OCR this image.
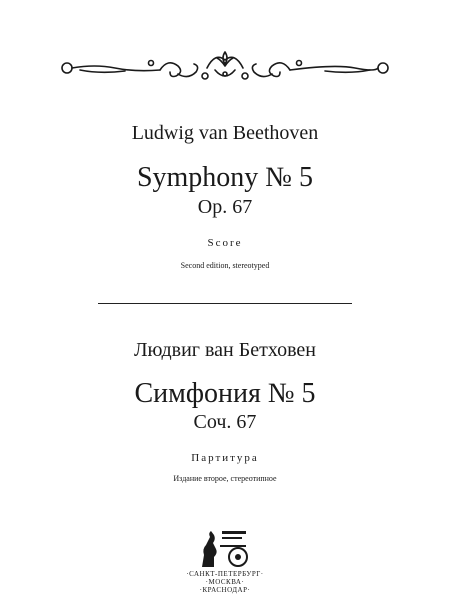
Ludwig van Beethoven

Symphony № 5

Op. 67

Score

Second edition, stereotyped

Людвиг ван Бетховен

Симфония № 5

Соч. 67

Партитура

Издание второе, стереотипное

·САНКТ-ПЕТЕРБУРГ·

·МОСКВА·

·КРАСНОДАР·
